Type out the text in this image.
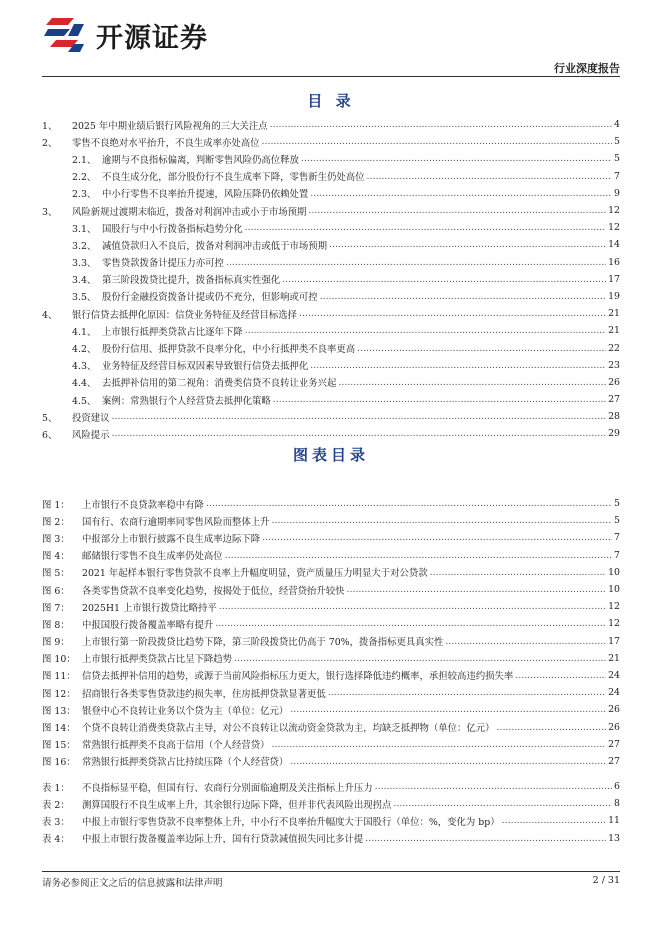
开源证券
行业深度报告
目 录
1、	2025 年中期业绩后银行风险视角的三大关注点 .....	4
2、	零售不良绝对水平抬升，不良生成率亦处高位 .....	5
2.1、 逾期与不良指标偏离，判断零售风险仍高位释放 .....	5
2.2、 不良生成分化，部分股份行不良生成率下降，零售新生仍处高位 .....	7
2.3、 中小行零售不良率抬升提速，风险压降仍依赖处置 .....	9
3、	风险新规过渡期末临近，拨备对利润冲击或小于市场预期 .....	12
3.1、 国股行与中小行拨备指标趋势分化 .....	12
3.2、 减值贷款归入不良后，拨备对利润冲击或低于市场预期 .....	14
3.3、 零售贷款拨备计提压力亦可控 .....	16
3.4、 第三阶段拨贷比提升，拨备指标真实性强化 .....	17
3.5、 股份行金融投资拨备计提或仍不充分，但影响或可控 .....	19
4、	银行信贷去抵押化原因：信贷业务特征及经营目标选择 .....	21
4.1、 上市银行抵押类贷款占比逐年下降 .....	21
4.2、 股份行信用、抵押贷款不良率分化，中小行抵押类不良率更高 .....	22
4.3、 业务特征及经营目标双因素导致银行信贷去抵押化 .....	23
4.4、 去抵押补信用的第二视角：消费类信贷不良转让业务兴起 .....	26
4.5、 案例：常熟银行个人经营贷去抵押化策略 .....	27
5、	投资建议 .....	28
6、	风险提示 .....	29
图表目录
图 1：	上市银行不良贷款率稳中有降 .....	5
图 2：	国有行、农商行逾期率同零售风险而整体上升 .....	5
图 3：	中报部分上市银行披露不良生成率边际下降 .....	7
图 4：	邮储银行零售不良生成率仍处高位 .....	7
图 5：	2021 年起样本银行零售贷款不良率上升幅度明显，资产质量压力明显大于对公贷款 .....	10
图 6：	各类零售贷款不良率变化趋势，按揭处于低位，经营贷抬升较快 .....	10
图 7：	2025H1 上市银行拨贷比略持平 .....	12
图 8：	中报国股行拨备覆盖率略有提升 .....	12
图 9：	上市银行第一阶段拨贷比趋势下降，第三阶段拨贷比仍高于 70%，拨备指标更具真实性 .....	17
图 10： 上市银行抵押类贷款占比呈下降趋势 .....	21
图 11： 信贷去抵押补信用的趋势，或源于当前风险指标压力更大，银行选择降低违约概率，承担较高违约损失率 .....	24
图 12： 招商银行各类零售贷款违约损失率，住房抵押贷款显著更低 .....	24
图 13： 银登中心不良转让业务以个贷为主（单位：亿元） .....	26
图 14： 个贷不良转让消费类贷款占主导，对公不良转让以流动资金贷款为主，均缺乏抵押物（单位：亿元） .....	26
图 15： 常熟银行抵押类不良高于信用（个人经营贷） .....	27
图 16： 常熟银行抵押类贷款占比持续压降（个人经营贷） .....	27
表 1：	不良指标显平稳，但国有行、农商行分别面临逾期及关注指标上升压力 .....	6
表 2：	测算国股行不良生成率上升，其余银行边际下降，但并非代表风险出现拐点 .....	8
表 3：	中报上市银行零售贷款不良率整体上升，中小行不良率抬升幅度大于国股行（单位：%，变化为 bp） .....	11
表 4：	中报上市银行拨备覆盖率边际上升，国有行贷款减值损失同比多计提 .....	13
请务必参阅正文之后的信息披露和法律声明	2 / 31
